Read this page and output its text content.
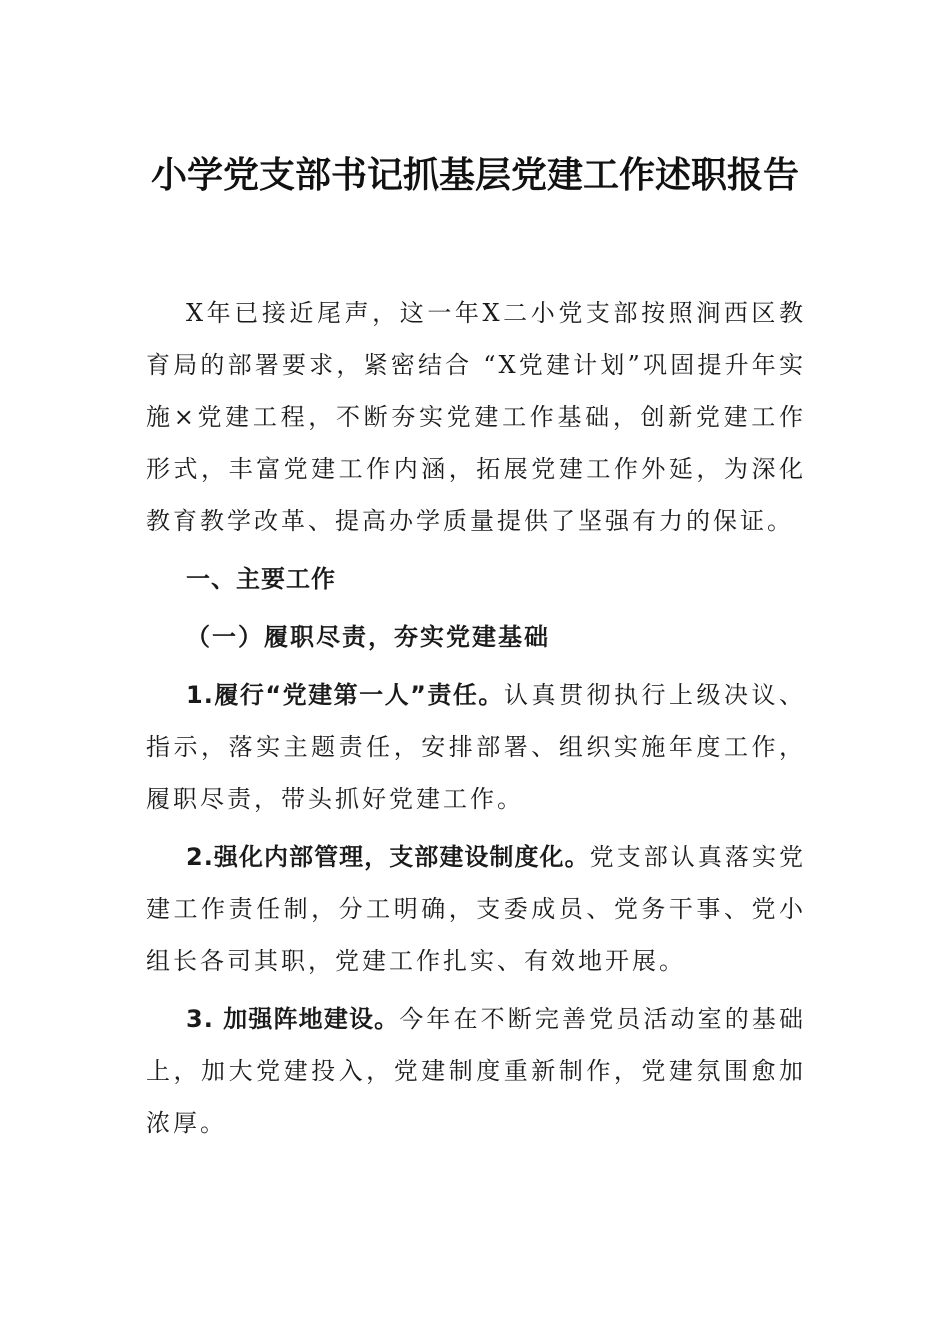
小学党支部书记抓基层党建工作述职报告

X年已接近尾声，这一年X二小党支部按照涧西区教育局的部署要求，紧密结合 “X党建计划”巩固提升年实施×党建工程，不断夯实党建工作基础，创新党建工作形式，丰富党建工作内涵，拓展党建工作外延，为深化教育教学改革、提高办学质量提供了坚强有力的保证。

一、主要工作

（一）履职尽责，夯实党建基础

1.履行“党建第一人”责任。认真贯彻执行上级决议、指示，落实主题责任，安排部署、组织实施年度工作，履职尽责，带头抓好党建工作。

2.强化内部管理，支部建设制度化。党支部认真落实党建工作责任制，分工明确，支委成员、党务干事、党小组长各司其职，党建工作扎实、有效地开展。

3. 加强阵地建设。今年在不断完善党员活动室的基础上，加大党建投入，党建制度重新制作，党建氛围愈加浓厚。
